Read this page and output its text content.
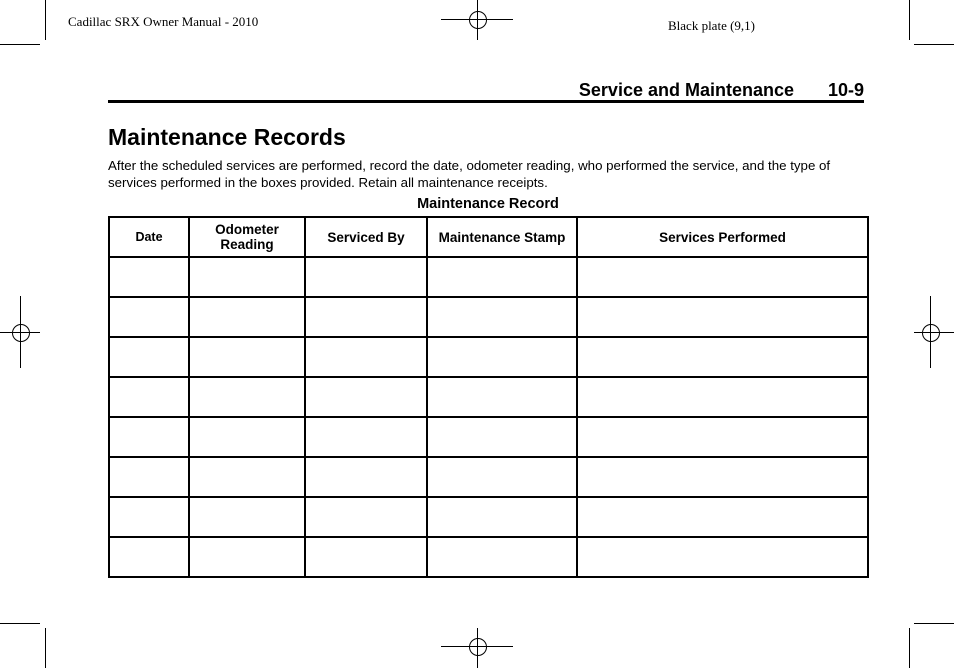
Cadillac SRX Owner Manual - 2010	Black plate (9,1)
Service and Maintenance 10-9
Maintenance Records

After the scheduled services are performed, record the date, odometer reading, who performed the service, and the type of services performed in the boxes provided. Retain all maintenance receipts.

Maintenance Record
Date	Odometer Reading	Serviced By	Maintenance Stamp	Services Performed
